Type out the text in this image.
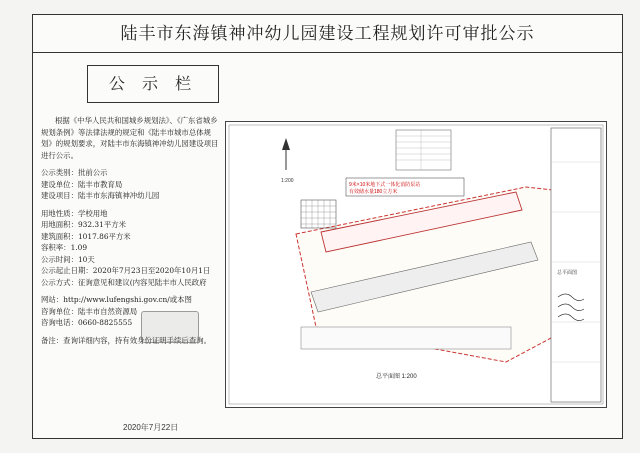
陆丰市东海镇神冲幼儿园建设工程规划许可审批公示
公 示 栏

根据《中华人民共和国城乡规划法》、《广东省城乡规划条例》等法律法规的规定和《陆丰市城市总体规划》的规划要求，对陆丰市东海镇神冲幼儿园建设项目进行公示。

公示类别： 批前公示
建设单位： 陆丰市教育局
建设项目： 陆丰市东海镇神冲幼儿园
用地性质： 学校用地
用地面积： 932.31平方米
建筑面积： 1017.86平方米
容积率： 1.09
公示时间： 10天
公示起止日期： 2020年7月23日至2020年10月1日
公示方式： 征询意见和建议(内容见陆丰市人民政府
网站： http://www.lufengshi.gov.cn/或本图
咨询单位： 陆丰市自然资源局
咨询电话： 0660-8825555

备注：查询详细内容，持有效身份证明手续后查询。

2020年7月22日
1:200
9米×10米地下式一体化消防泵站
有效储水量180立方米
总平面图 1:200
总平面图
